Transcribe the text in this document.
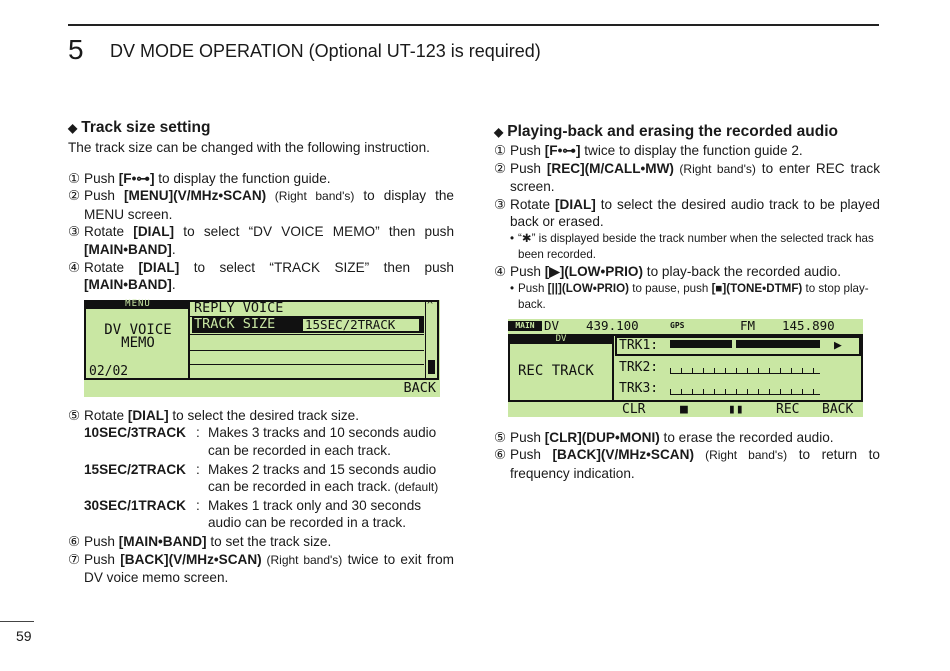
5 DV MODE OPERATION (Optional UT-123 is required)
◆ Track size setting
The track size can be changed with the following instruction.
① Push [F•⊶] to display the function guide.
② Push [MENU](V/MHz•SCAN) (Right band's) to display the MENU screen.
③ Rotate [DIAL] to select “DV VOICE MEMO” then push [MAIN•BAND].
④ Rotate [DIAL] to select “TRACK SIZE” then push [MAIN•BAND].
MENU
DV VOICE
MEMO
02/02
REPLY VOICE
TRACK SIZE 15SEC/2TRACK
^
BACK
⑤ Rotate [DIAL] to select the desired track size.
10SEC/3TRACK : Makes 3 tracks and 10 seconds audio can be recorded in each track.
15SEC/2TRACK : Makes 2 tracks and 15 seconds audio can be recorded in each track. (default)
30SEC/1TRACK : Makes 1 track only and 30 seconds audio can be recorded in a track.
⑥ Push [MAIN•BAND] to set the track size.
⑦ Push [BACK](V/MHz•SCAN) (Right band's) twice to exit from DV voice memo screen.
◆ Playing-back and erasing the recorded audio
① Push [F•⊶] twice to display the function guide 2.
② Push [REC](M/CALL•MW) (Right band's) to enter REC track screen.
③ Rotate [DIAL] to select the desired audio track to be played back or erased.
• “✱” is displayed beside the track number when the selected track has been recorded.
④ Push [▶](LOW•PRIO) to play-back the recorded audio.
• Push [||](LOW•PRIO) to pause, push [■](TONE•DTMF) to stop play-back.

MAIN

DV

439.100

	GPS

	FM

145.890

DV
REC TRACK
TRK1:	▶
TRK2:
TRK3:
CLR	■	▮▮ REC BACK
⑤ Push [CLR](DUP•MONI) to erase the recorded audio.
⑥ Push [BACK](V/MHz•SCAN) (Right band's) to return to frequency indication.
59
